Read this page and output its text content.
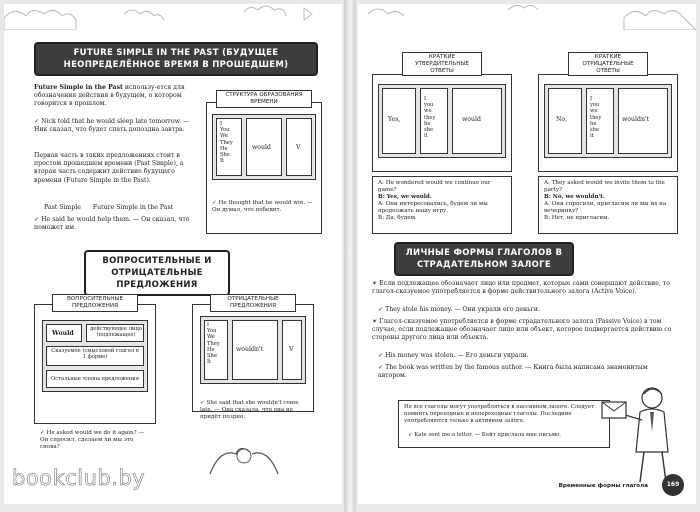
FUTURE SIMPLE IN THE PAST (БУДУЩЕЕ НЕОПРЕДЕЛЁННОЕ ВРЕМЯ В ПРОШЕДШЕМ)
Future Simple in the Past использу-ется для обозначения действия в будущем, о котором говорится в прошлом.
✓ Nick told that he would sleep late tomorrow. — Ник сказал, что будет спать допоздна завтра.
Первая часть в таких предложениях стоит в простом прошедшем времени (Past Simple), а вторая часть содержит действие будущего времени (Future Simple in the Past).
Past Simple Future Simple in the Past
✓ He said he would help them. — Он сказал, что поможет им.
СТРУКТУРА ОБРАЗОВАНИЯ ВРЕМЕНИ
I
You
We
They
He
She
It
would	V
✓ He thought that he would win. — Он думал, что победит.
ВОПРОСИТЕЛЬНЫЕ И ОТРИЦАТЕЛЬНЫЕ ПРЕДЛОЖЕНИЯ
ВОПРОСИТЕЛЬНЫЕ ПРЕДЛОЖЕНИЯ
Would
действующее лицо (подлежащее)
Сказуемое (смысловой глагол в 1 форме)
Остальные члены предложения
✓ He asked would we do it again? — Он спросил, сделаем ли мы это снова?
ОТРИЦАТЕЛЬНЫЕ ПРЕДЛОЖЕНИЯ
I
You
We
They
He
She
It
wouldn't	V
✓ She said that she wouldn't come late. — Она сказала, что она не придёт поздно.
КРАТКИЕ УТВЕРДИТЕЛЬНЫЕ ОТВЕТЫ
Yes,
I
you
we
they
he
she
it
would
A: He wondered would we continue our game?
B: Yes, we would.
A: Они интересовались, будем ли мы продолжать нашу игру.
B: Да, будем.
КРАТКИЕ ОТРИЦАТЕЛЬНЫЕ ОТВЕТЫ
No,
I
you
we
they
he
she
it
wouldn't
A: They asked would we invite them to the party?
B: No, we wouldn't.
A: Они спросили, пригласим ли мы их на вечеринку?
B: Нет, не пригласим.
ЛИЧНЫЕ ФОРМЫ ГЛАГОЛОВ В СТРАДАТЕЛЬНОМ ЗАЛОГЕ
✶ Если подлежащее обозначает лицо или предмет, которые сами совершают действие, то глагол-сказуемое употребляется в форме действительного залога (Active Voice).
✓ They stole his money. — Они украли его деньги.
✶ Глагол-сказуемое употребляется в форме страдательного залога (Passive Voice) в том случае, если подлежащее обозначает лицо или объект, которое подвергается действию со стороны другого лица или объекта.
✓ His money was stolen. — Его деньги украли.
✓ The book was written by the famous author. — Книга была написана знаменитым автором.
Не все глаголы могут употребляться в пассивном залоге. Следует помнить переходные и непереходные глаголы. Последние употребляются только в активном залоге.
✓ Kate sent me a letter. — Кейт прислала мне письмо.
Временные формы глагола	169
bookclub.by
